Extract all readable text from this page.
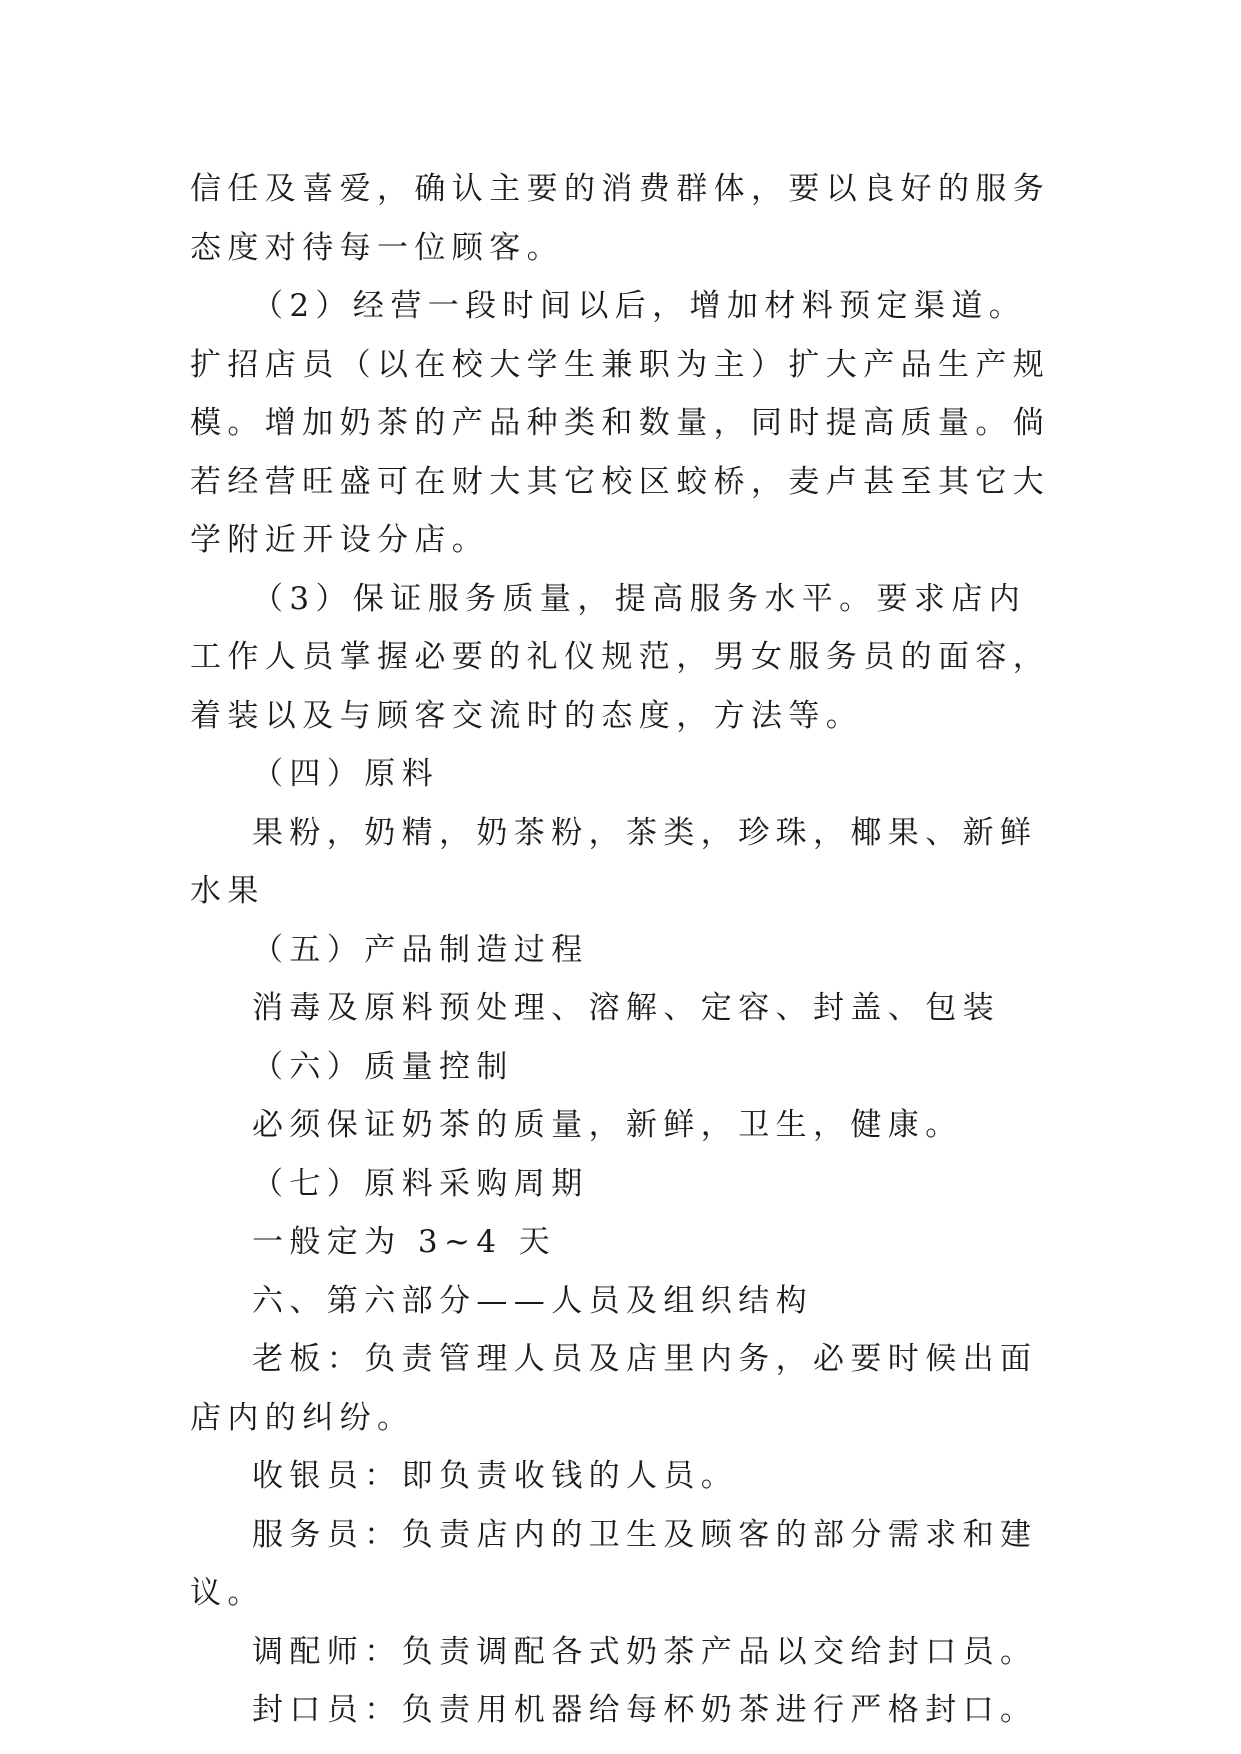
信任及喜爱，确认主要的消费群体，要以良好的服务态度对待每一位顾客。

（2）经营一段时间以后，增加材料预定渠道。扩招店员（以在校大学生兼职为主）扩大产品生产规模。增加奶茶的产品种类和数量，同时提高质量。倘若经营旺盛可在财大其它校区蛟桥，麦卢甚至其它大学附近开设分店。

（3）保证服务质量，提高服务水平。要求店内工作人员掌握必要的礼仪规范，男女服务员的面容，着装以及与顾客交流时的态度，方法等。

（四）原料

果粉，奶精，奶茶粉，茶类，珍珠，椰果、新鲜水果

（五）产品制造过程

消毒及原料预处理、溶解、定容、封盖、包装

（六）质量控制

必须保证奶茶的质量，新鲜，卫生，健康。

（七）原料采购周期

一般定为 3~4 天

六、第六部分——人员及组织结构

老板：负责管理人员及店里内务，必要时候出面店内的纠纷。

收银员：即负责收钱的人员。

服务员：负责店内的卫生及顾客的部分需求和建议。

调配师：负责调配各式奶茶产品以交给封口员。

封口员：负责用机器给每杯奶茶进行严格封口。
